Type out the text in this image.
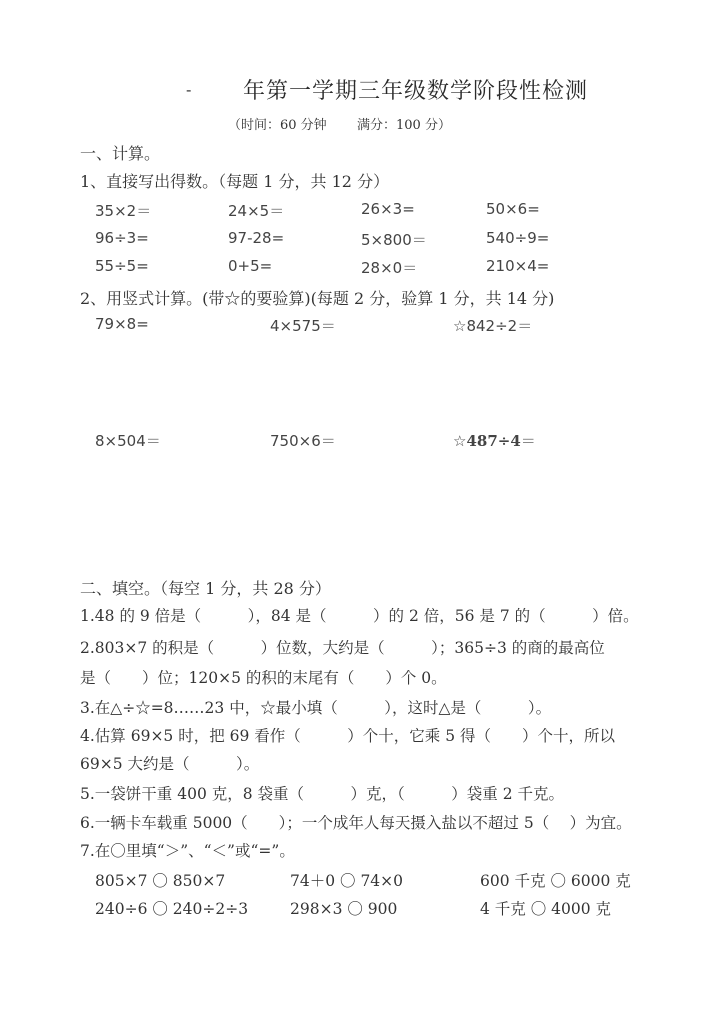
- 年第一学期三年级数学阶段性检测
（时间：60 分钟 满分：100 分）
一、计算。
1、直接写出得数。（每题 1 分，共 12 分）
35×2＝	24×5＝	26×3=	50×6=
96÷3=	97-28=	5×800＝	540÷9=
55÷5=	0+5=	28×0＝	210×4=
2、用竖式计算。(带☆的要验算)(每题 2 分，验算 1 分，共 14 分)
79×8=	4×575＝	☆842÷2＝
8×504＝	750×6＝	☆487÷4＝
二、填空。（每空 1 分，共 28 分）
1.48 的 9 倍是（　　　），84 是（　　　）的 2 倍，56 是 7 的（　　　）倍。
2.803×7 的积是（　　　）位数，大约是（　　　）；365÷3 的商的最高位
是（　　）位；120×5 的积的末尾有（　　）个 0。
3.在△÷☆=8……23 中，☆最小填（　　　），这时△是（　　　）。
4.估算 69×5 时，把 69 看作（　　　）个十，它乘 5 得（　　）个十，所以
69×5 大约是（　　　）。
5.一袋饼干重 400 克，8 袋重（　　　）克，（　　　）袋重 2 千克。
6.一辆卡车载重 5000（　　）；一个成年人每天摄入盐以不超过 5（　 ）为宜。
7.在〇里填“＞”、“＜”或“=”。
805×7 〇 850×7	74＋0 〇 74×0	600 千克 〇 6000 克
240÷6 〇 240÷2÷3	298×3 〇 900	4 千克 〇 4000 克
